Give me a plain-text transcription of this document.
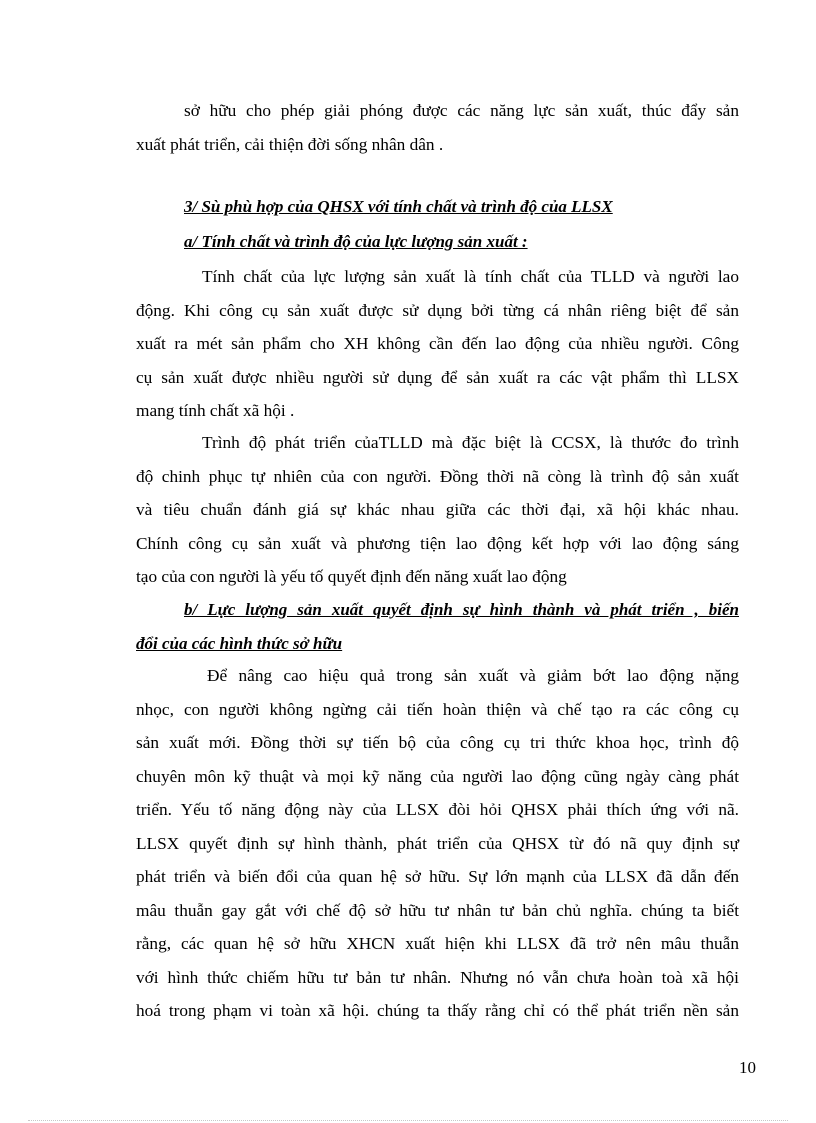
sở hữu cho phép giải phóng được các năng lực sản xuất, thúc đẩy sản
xuất phát triển, cải thiện đời sống nhân dân .

3/ Sù phù hợp của QHSX với tính chất và trình độ của LLSX

a/ Tính chất và trình độ của lực lượng sản xuất :

Tính chất của lực lượng sản xuất là tính chất của TLLD và người lao
động. Khi công cụ sản xuất được sử dụng bởi từng cá nhân riêng biệt để sản
xuất ra mét sản phẩm cho XH không cần đến lao động của nhiều người. Công
cụ sản xuất được nhiều người sử dụng để sản xuất ra các vật phẩm thì LLSX
mang tính chất xã hội .

Trình độ phát triển củaTLLD mà đặc biệt là CCSX, là thước đo trình
độ chinh phục tự nhiên của con người. Đồng thời nã còng là trình độ sản xuất
và tiêu chuẩn đánh giá sự khác nhau giữa các thời đại, xã hội khác nhau.
Chính công cụ sản xuất và phương tiện lao động kết hợp với lao động sáng
tạo của con người là yếu tố quyết định đến năng xuất lao động

b/ Lực lượng sản xuất quyết định sự hình thành và phát triển , biến

đổi của các hình thức sở hữu

Để nâng cao hiệu quả trong sản xuất và giảm bớt lao động nặng
nhọc, con người không ngừng cải tiến hoàn thiện và chế tạo ra các công cụ
sản xuất mới. Đồng thời sự tiến bộ của công cụ tri thức khoa học, trình độ
chuyên môn kỹ thuật và mọi kỹ năng của người lao động cũng ngày càng phát
triển. Yếu tố năng động này của LLSX đòi hỏi QHSX phải thích ứng với nã.
LLSX quyết định sự hình thành, phát triển của QHSX từ đó nã quy định sự
phát triển và biến đổi của quan hệ sở hữu. Sự lớn mạnh của LLSX đã dẫn đến
mâu thuẫn gay gắt với chế độ sở hữu tư nhân tư bản chủ nghĩa. chúng ta biết
rằng, các quan hệ sở hữu XHCN xuất hiện khi LLSX đã trở nên mâu thuẫn
với hình thức chiếm hữu tư bản tư nhân. Nhưng nó vẫn chưa hoàn toà xã hội
hoá trong phạm vi toàn xã hội. chúng ta thấy rằng chỉ có thể phát triển nền sản

10
